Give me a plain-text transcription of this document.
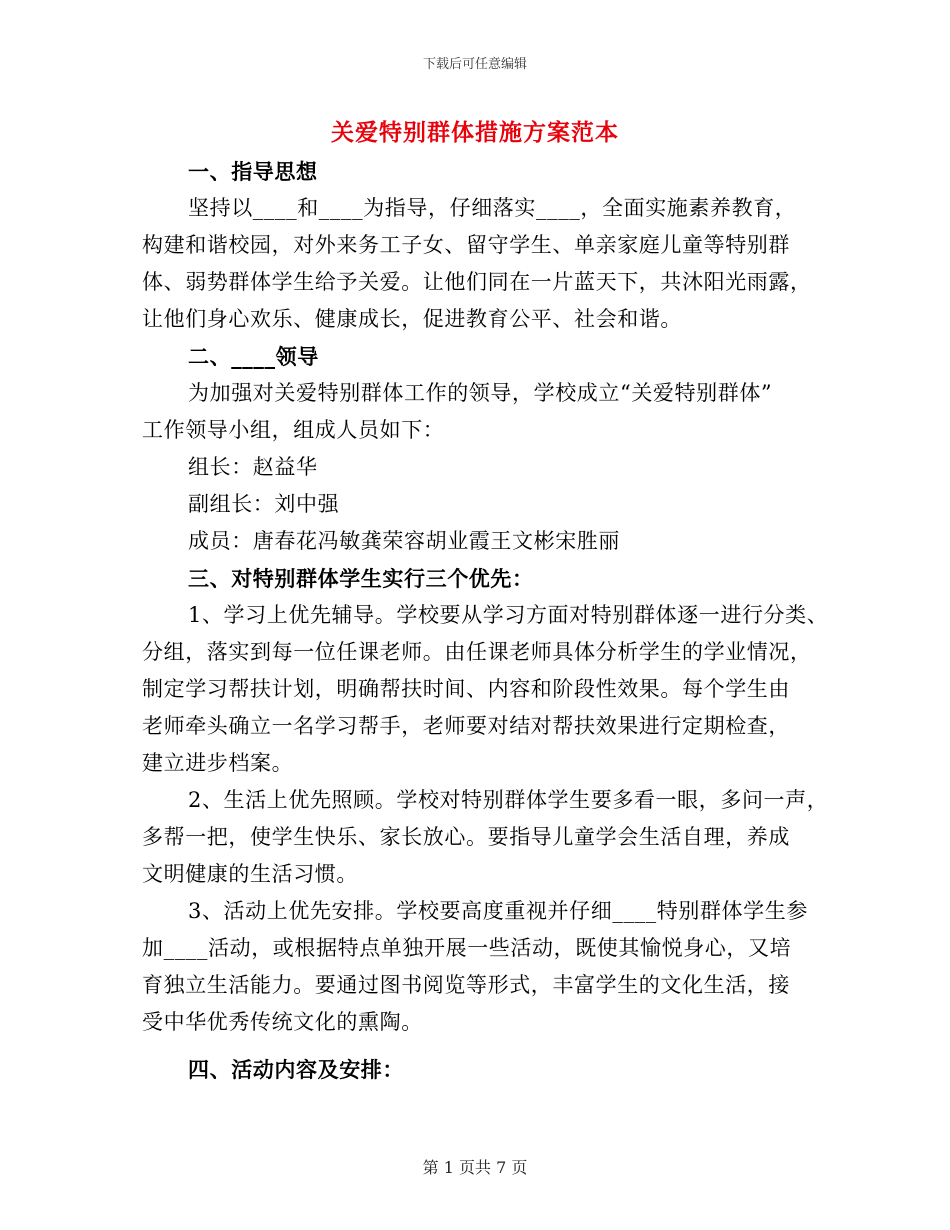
下载后可任意编辑
关爱特别群体措施方案范本
一、指导思想
坚持以____和____为指导，仔细落实____，全面实施素养教育，
构建和谐校园，对外来务工子女、留守学生、单亲家庭儿童等特别群
体、弱势群体学生给予关爱。让他们同在一片蓝天下，共沐阳光雨露，
让他们身心欢乐、健康成长，促进教育公平、社会和谐。
二、____领导
为加强对关爱特别群体工作的领导，学校成立“关爱特别群体”
工作领导小组，组成人员如下：
组长：赵益华
副组长：刘中强
成员：唐春花冯敏龚荣容胡业霞王文彬宋胜丽
三、对特别群体学生实行三个优先：
1、学习上优先辅导。学校要从学习方面对特别群体逐一进行分类、
分组，落实到每一位任课老师。由任课老师具体分析学生的学业情况，
制定学习帮扶计划，明确帮扶时间、内容和阶段性效果。每个学生由
老师牵头确立一名学习帮手，老师要对结对帮扶效果进行定期检查，
建立进步档案。
2、生活上优先照顾。学校对特别群体学生要多看一眼，多问一声，
多帮一把，使学生快乐、家长放心。要指导儿童学会生活自理，养成
文明健康的生活习惯。
3、活动上优先安排。学校要高度重视并仔细____特别群体学生参
加____活动，或根据特点单独开展一些活动，既使其愉悦身心，又培
育独立生活能力。要通过图书阅览等形式，丰富学生的文化生活，接
受中华优秀传统文化的熏陶。
四、活动内容及安排：
第 1 页共 7 页
